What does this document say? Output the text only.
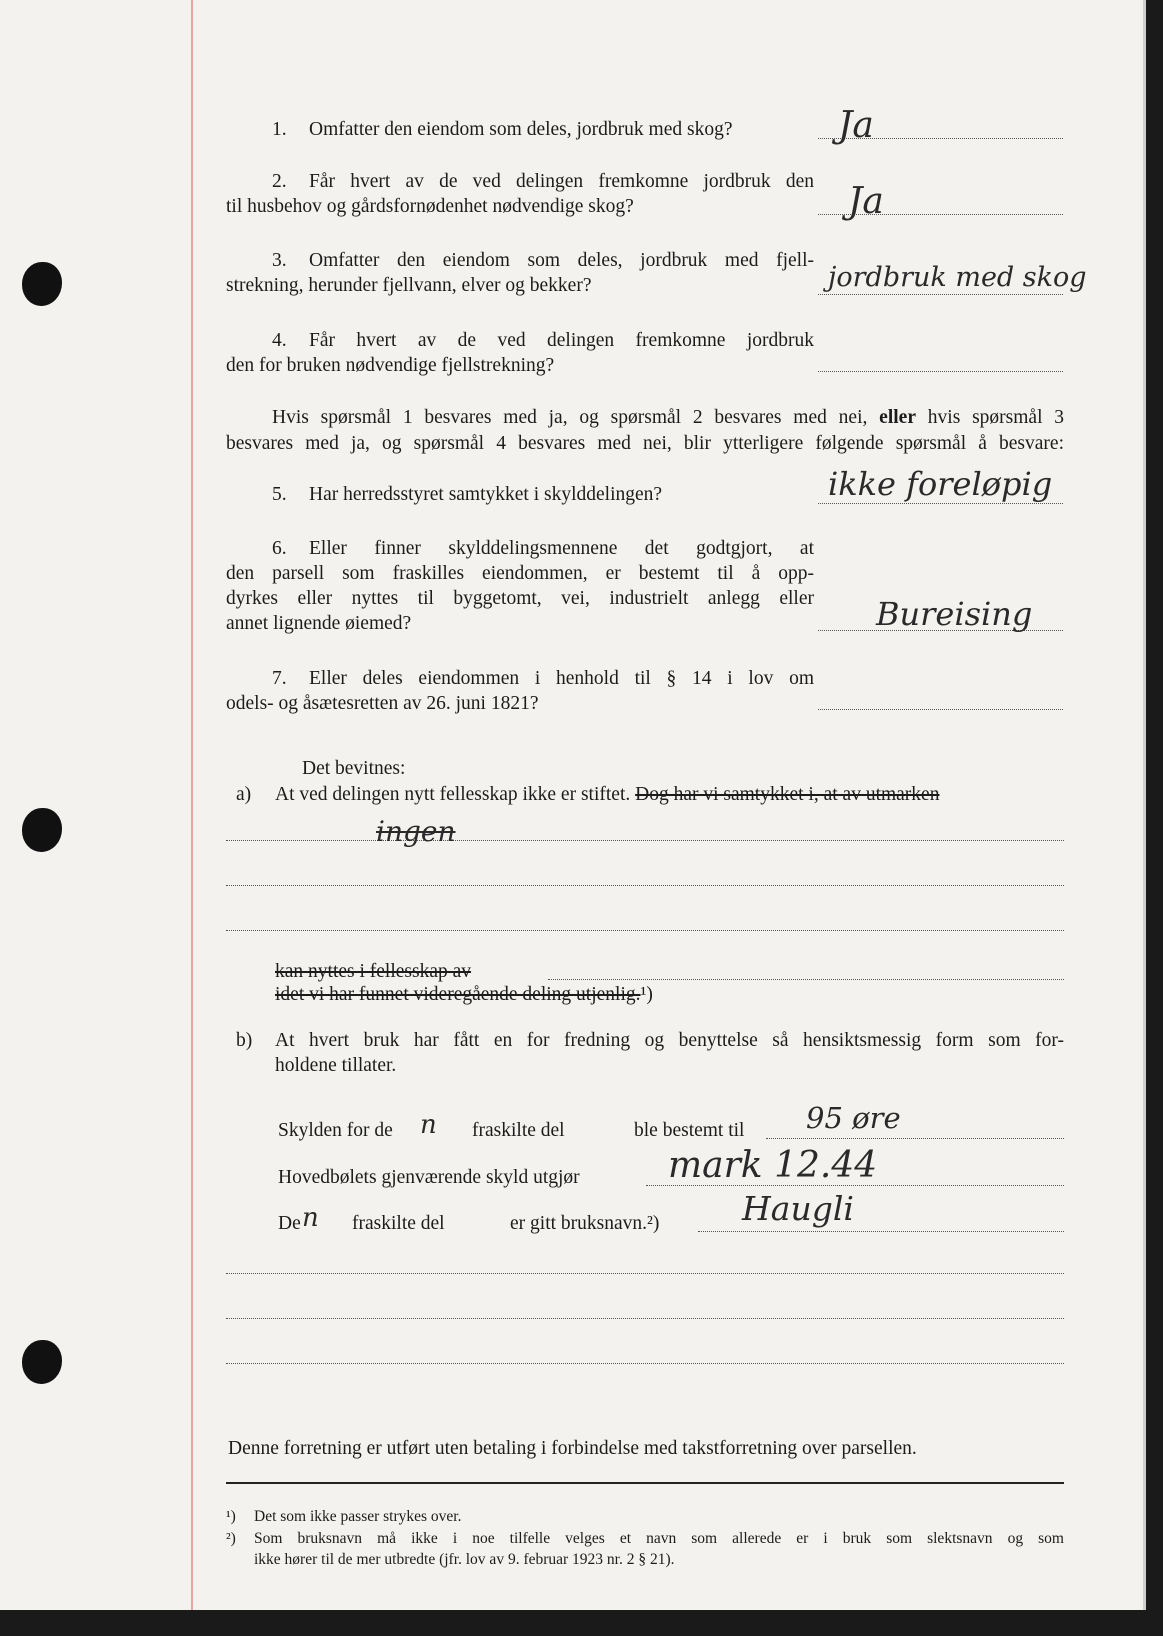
1. Omfatter den eiendom som deles, jordbruk med skog?	Ja
2. Får hvert av de ved delingen fremkomne jordbruk den
til husbehov og gårdsfornødenhet nødvendige skog?	Ja
3. Omfatter den eiendom som deles, jordbruk med fjell-
strekning, herunder fjellvann, elver og bekker?	jordbruk med skog
4. Får hvert av de ved delingen fremkomne jordbruk
den for bruken nødvendige fjellstrekning?
Hvis spørsmål 1 besvares med ja, og spørsmål 2 besvares med nei, eller hvis spørsmål 3
besvares med ja, og spørsmål 4 besvares med nei, blir ytterligere følgende spørsmål å besvare:
5. Har herredsstyret samtykket i skylddelingen?	ikke foreløpig
6. Eller finner skylddelingsmennene det godtgjort, at
den parsell som fraskilles eiendommen, er bestemt til å opp-
dyrkes eller nyttes til byggetomt, vei, industrielt anlegg eller
annet lignende øiemed?	Bureising
7. Eller deles eiendommen i henhold til § 14 i lov om
odels- og åsætesretten av 26. juni 1821?
Det bevitnes:
a) At ved delingen nytt fellesskap ikke er stiftet. Dog har vi samtykket i, at av utmarken
ingen
kan nyttes i fellesskap av
idet vi har funnet videregående deling utjenlig.¹)
b) At hvert bruk har fått en for fredning og benyttelse så hensiktsmessig form som for-
holdene tillater.
Skylden for de n fraskilte del	ble bestemt til 95 øre
Hovedbølets gjenværende skyld utgjør mark 12.44
De n fraskilte del	er gitt bruksnavn.²)	Haugli
Denne forretning er utført uten betaling i forbindelse med takstforretning over parsellen.
¹) Det som ikke passer strykes over.
²) Som bruksnavn må ikke i noe tilfelle velges et navn som allerede er i bruk som slektsnavn og som
ikke hører til de mer utbredte (jfr. lov av 9. februar 1923 nr. 2 § 21).
